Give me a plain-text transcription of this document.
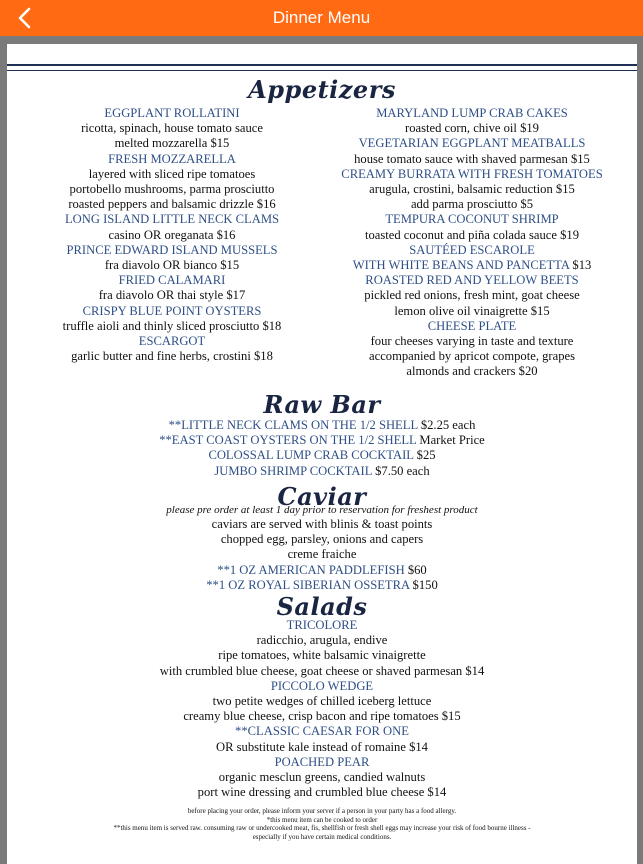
Dinner Menu
Appetizers
EGGPLANT ROLLATINI
ricotta, spinach, house tomato sauce
melted mozzarella $15
FRESH MOZZARELLA
layered with sliced ripe tomatoes
portobello mushrooms, parma prosciutto
roasted peppers and balsamic drizzle $16
LONG ISLAND LITTLE NECK CLAMS
casino OR oreganata $16
PRINCE EDWARD ISLAND MUSSELS
fra diavolo OR bianco $15
FRIED CALAMARI
fra diavolo OR thai style $17
CRISPY BLUE POINT OYSTERS
truffle aioli and thinly sliced prosciutto $18
ESCARGOT
garlic butter and fine herbs, crostini $18
MARYLAND LUMP CRAB CAKES
roasted corn, chive oil $19
VEGETARIAN EGGPLANT MEATBALLS
house tomato sauce with shaved parmesan $15
CREAMY BURRATA WITH FRESH TOMATOES
arugula, crostini, balsamic reduction $15
add parma prosciutto $5
TEMPURA COCONUT SHRIMP
toasted coconut and piña colada sauce $19
SAUTÉED ESCAROLE
WITH WHITE BEANS AND PANCETTA $13
ROASTED RED AND YELLOW BEETS
pickled red onions, fresh mint, goat cheese
lemon olive oil vinaigrette $15
CHEESE PLATE
four cheeses varying in taste and texture
accompanied by apricot compote, grapes
almonds and crackers $20
Raw Bar
**LITTLE NECK CLAMS ON THE 1/2 SHELL $2.25 each
**EAST COAST OYSTERS ON THE 1/2 SHELL Market Price
COLOSSAL LUMP CRAB COCKTAIL $25
JUMBO SHRIMP COCKTAIL $7.50 each
Caviar
please pre order at least 1 day prior to reservation for freshest product
caviars are served with blinis & toast points
chopped egg, parsley, onions and capers
creme fraiche
**1 OZ AMERICAN PADDLEFISH $60
**1 OZ ROYAL SIBERIAN OSSETRA $150
Salads
TRICOLORE
radicchio, arugula, endive
ripe tomatoes, white balsamic vinaigrette
with crumbled blue cheese, goat cheese or shaved parmesan $14
PICCOLO WEDGE
two petite wedges of chilled iceberg lettuce
creamy blue cheese, crisp bacon and ripe tomatoes $15
**CLASSIC CAESAR FOR ONE
OR substitute kale instead of romaine $14
POACHED PEAR
organic mesclun greens, candied walnuts
port wine dressing and crumbled blue cheese $14
before placing your order, please inform your server if a person in your party has a food allergy.
*this menu item can be cooked to order
**this menu item is served raw. consuming raw or undercooked meat, fis, shellfish or fresh shell eggs may increase your risk of food bourne illness -
especially if you have certain medical conditions.
